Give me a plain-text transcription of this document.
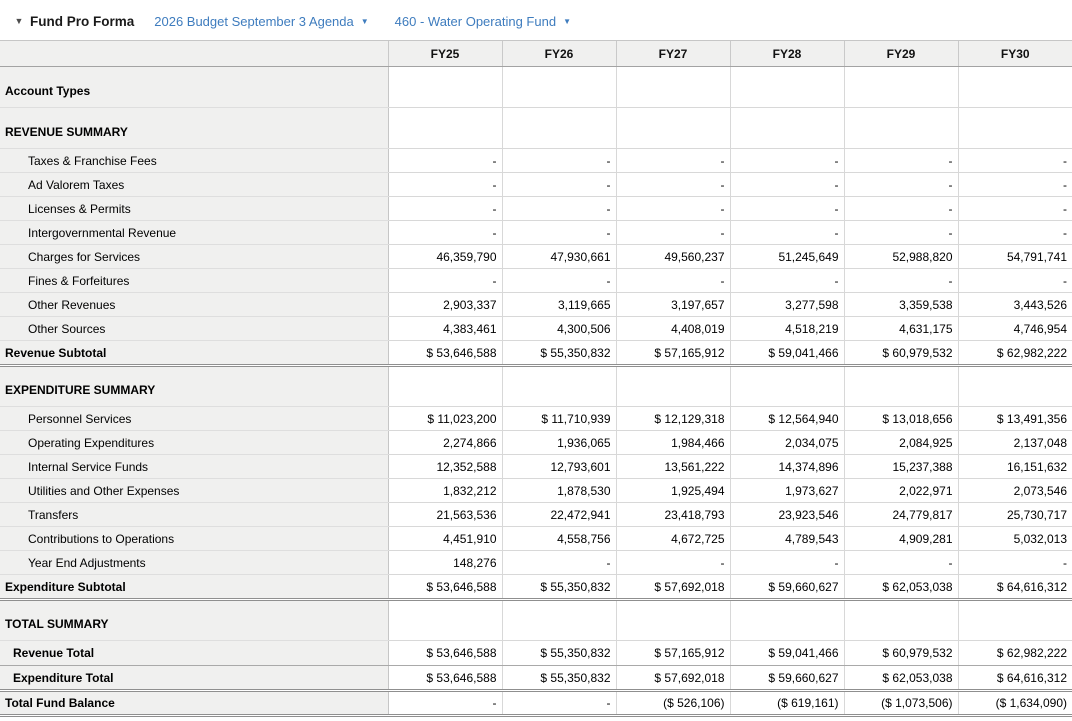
▼ Fund Pro Forma 2026 Budget September 3 Agenda ▼ 460 - Water Operating Fund ▼
	FY25	FY26	FY27	FY28	FY29	FY30
Account Types						
REVENUE SUMMARY						
Taxes & Franchise Fees	-	-	-	-	-	-
Ad Valorem Taxes	-	-	-	-	-	-
Licenses & Permits	-	-	-	-	-	-
Intergovernmental Revenue	-	-	-	-	-	-
Charges for Services	46,359,790	47,930,661	49,560,237	51,245,649	52,988,820	54,791,741
Fines & Forfeitures	-	-	-	-	-	-
Other Revenues	2,903,337	3,119,665	3,197,657	3,277,598	3,359,538	3,443,526
Other Sources	4,383,461	4,300,506	4,408,019	4,518,219	4,631,175	4,746,954
Revenue Subtotal	$ 53,646,588	$ 55,350,832	$ 57,165,912	$ 59,041,466	$ 60,979,532	$ 62,982,222
EXPENDITURE SUMMARY						
Personnel Services	$ 11,023,200	$ 11,710,939	$ 12,129,318	$ 12,564,940	$ 13,018,656	$ 13,491,356
Operating Expenditures	2,274,866	1,936,065	1,984,466	2,034,075	2,084,925	2,137,048
Internal Service Funds	12,352,588	12,793,601	13,561,222	14,374,896	15,237,388	16,151,632
Utilities and Other Expenses	1,832,212	1,878,530	1,925,494	1,973,627	2,022,971	2,073,546
Transfers	21,563,536	22,472,941	23,418,793	23,923,546	24,779,817	25,730,717
Contributions to Operations	4,451,910	4,558,756	4,672,725	4,789,543	4,909,281	5,032,013
Year End Adjustments	148,276	-	-	-	-	-
Expenditure Subtotal	$ 53,646,588	$ 55,350,832	$ 57,692,018	$ 59,660,627	$ 62,053,038	$ 64,616,312
TOTAL SUMMARY						
Revenue Total	$ 53,646,588	$ 55,350,832	$ 57,165,912	$ 59,041,466	$ 60,979,532	$ 62,982,222
Expenditure Total	$ 53,646,588	$ 55,350,832	$ 57,692,018	$ 59,660,627	$ 62,053,038	$ 64,616,312
Total Fund Balance	-	-	($ 526,106)	($ 619,161)	($ 1,073,506)	($ 1,634,090)
